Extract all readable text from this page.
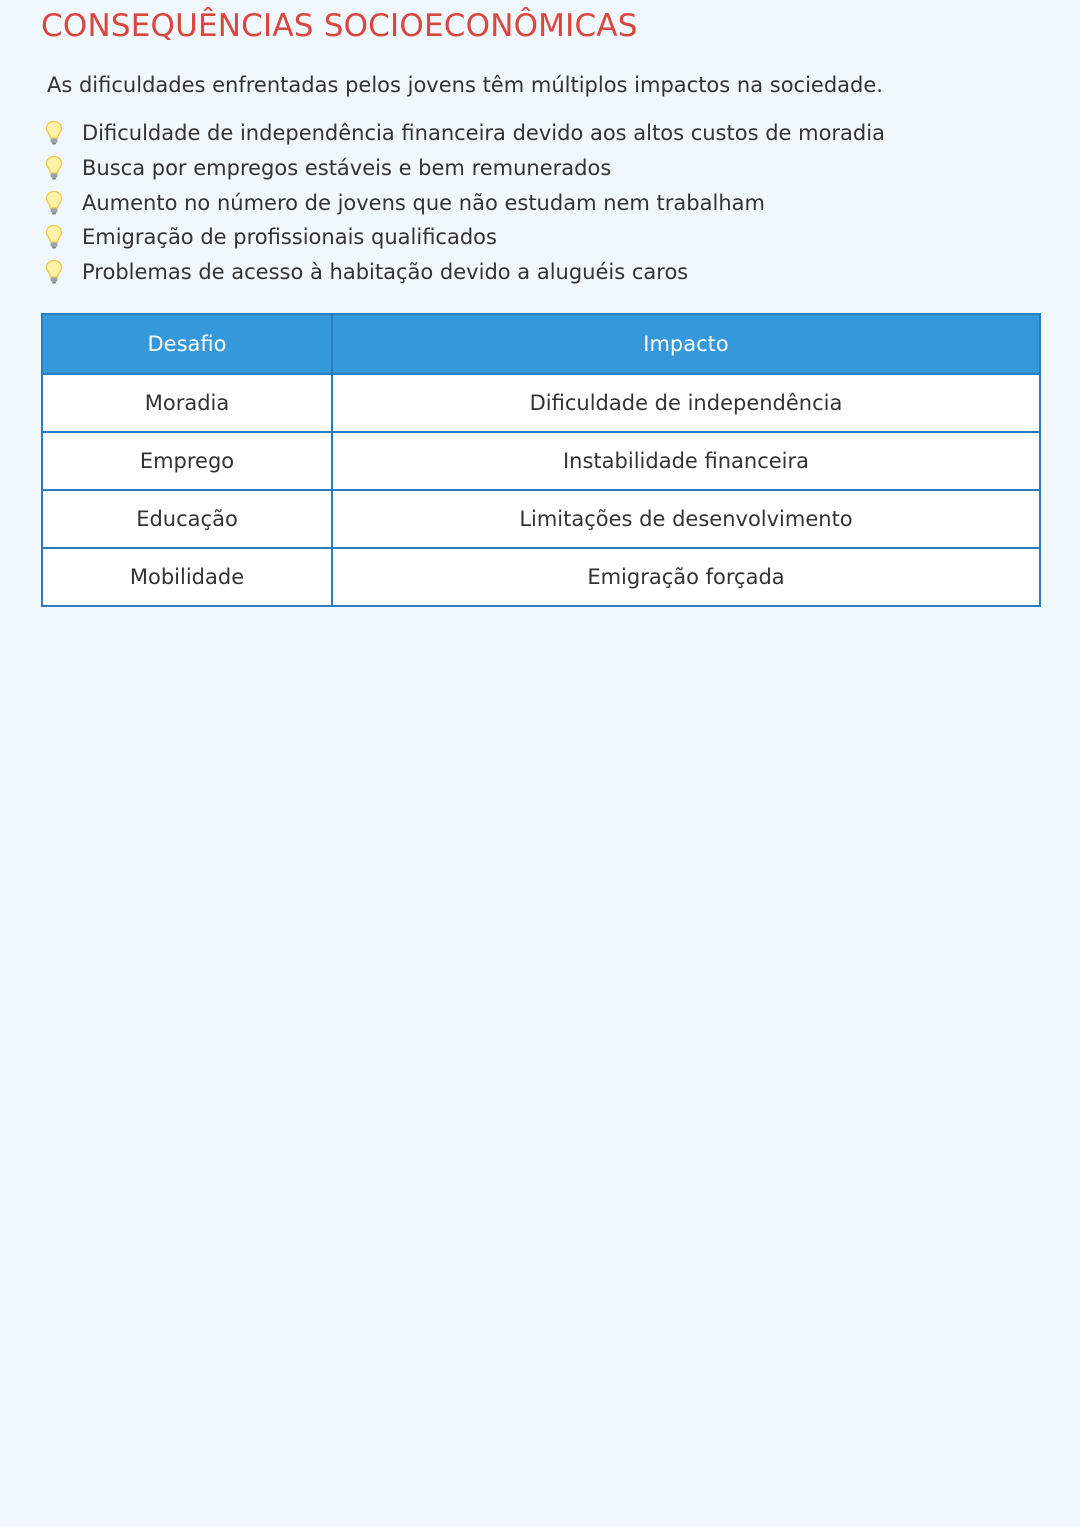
CONSEQUÊNCIAS SOCIOECONÔMICAS

As dificuldades enfrentadas pelos jovens têm múltiplos impactos na sociedade.

Dificuldade de independência financeira devido aos altos custos de moradia
Busca por empregos estáveis e bem remunerados
Aumento no número de jovens que não estudam nem trabalham
Emigração de profissionais qualificados
Problemas de acesso à habitação devido a aluguéis caros
Desafio	Impacto
Moradia	Dificuldade de independência
Emprego	Instabilidade financeira
Educação	Limitações de desenvolvimento
Mobilidade	Emigração forçada
